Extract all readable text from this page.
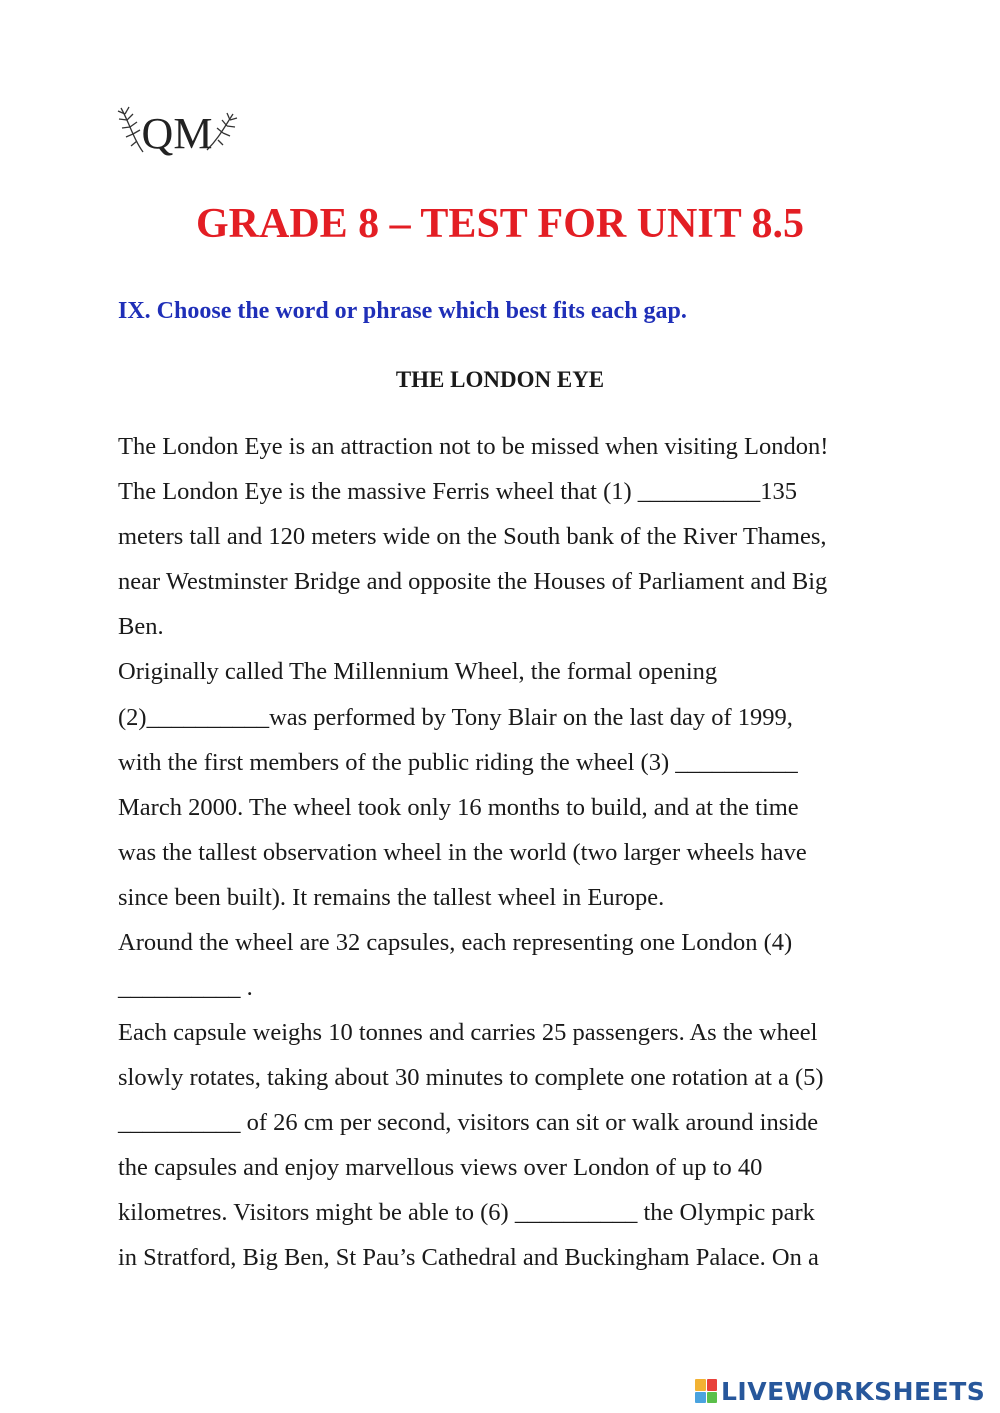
QM
GRADE 8 – TEST FOR UNIT 8.5

IX. Choose the word or phrase which best fits each gap.

THE LONDON EYE

The London Eye is an attraction not to be missed when visiting London!

The London Eye is the massive Ferris wheel that (1) __________135

meters tall and 120 meters wide on the South bank of the River Thames,

near Westminster Bridge and opposite the Houses of Parliament and Big

Ben.

Originally called The Millennium Wheel, the formal opening

(2)__________was performed by Tony Blair on the last day of 1999,

with the first members of the public riding the wheel (3) __________

March 2000. The wheel took only 16 months to build, and at the time

was the tallest observation wheel in the world (two larger wheels have

since been built). It remains the tallest wheel in Europe.

Around the wheel are 32 capsules, each representing one London (4)

__________ .

Each capsule weighs 10 tonnes and carries 25 passengers. As the wheel

slowly rotates, taking about 30 minutes to complete one rotation at a (5)

__________ of 26 cm per second, visitors can sit or walk around inside

the capsules and enjoy marvellous views over London of up to 40

kilometres. Visitors might be able to (6) __________ the Olympic park

in Stratford, Big Ben, St Pau’s Cathedral and Buckingham Palace. On a

LIVEWORKSHEETS
